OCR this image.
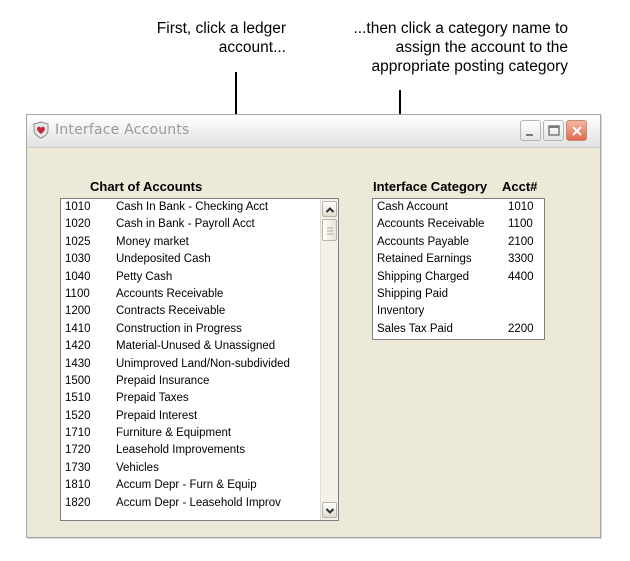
First, click a ledger
account...
...then click a category name to
assign the account to the
appropriate posting category
Interface Accounts
Chart of Accounts	Interface Category Acct#
1010 Cash In Bank - Checking Acct
1020 Cash in Bank - Payroll Acct
1025 Money market
1030 Undeposited Cash
1040 Petty Cash
1100 Accounts Receivable
1200 Contracts Receivable
1410 Construction in Progress
1420 Material-Unused & Unassigned
1430 Unimproved Land/Non-subdivided
1500 Prepaid Insurance
1510 Prepaid Taxes
1520 Prepaid Interest
1710 Furniture & Equipment
1720 Leasehold Improvements
1730 Vehicles
1810 Accum Depr - Furn & Equip
1820 Accum Depr - Leasehold Improv
Cash Account	1010
Accounts Receivable 1100
Accounts Payable	2100
Retained Earnings	3300
Shipping Charged	4400
Shipping Paid
Inventory
Sales Tax Paid	2200
